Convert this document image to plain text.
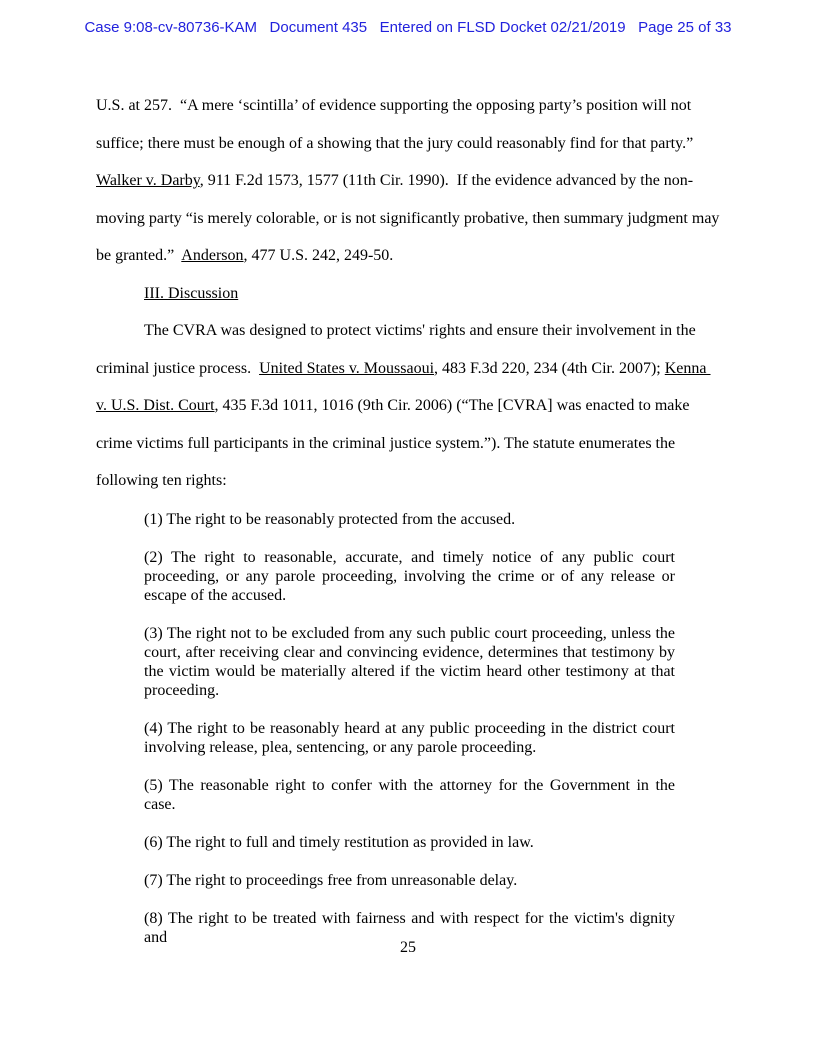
Case 9:08-cv-80736-KAM   Document 435   Entered on FLSD Docket 02/21/2019   Page 25 of 33

U.S. at 257.  “A mere ‘scintilla’ of evidence supporting the opposing party’s position will not suffice; there must be enough of a showing that the jury could reasonably find for that party.”  Walker v. Darby, 911 F.2d 1573, 1577 (11th Cir. 1990).  If the evidence advanced by the non-moving party “is merely colorable, or is not significantly probative, then summary judgment may be granted.”  Anderson, 477 U.S. 242, 249-50.

III. Discussion

The CVRA was designed to protect victims' rights and ensure their involvement in the criminal justice process.  United States v. Moussaoui, 483 F.3d 220, 234 (4th Cir. 2007); Kenna v. U.S. Dist. Court, 435 F.3d 1011, 1016 (9th Cir. 2006) (“The [CVRA] was enacted to make crime victims full participants in the criminal justice system.”). The statute enumerates the following ten rights:

(1) The right to be reasonably protected from the accused.

(2) The right to reasonable, accurate, and timely notice of any public court proceeding, or any parole proceeding, involving the crime or of any release or escape of the accused.

(3) The right not to be excluded from any such public court proceeding, unless the court, after receiving clear and convincing evidence, determines that testimony by the victim would be materially altered if the victim heard other testimony at that proceeding.

(4) The right to be reasonably heard at any public proceeding in the district court involving release, plea, sentencing, or any parole proceeding.

(5) The reasonable right to confer with the attorney for the Government in the case.

(6) The right to full and timely restitution as provided in law.

(7) The right to proceedings free from unreasonable delay.

(8) The right to be treated with fairness and with respect for the victim's dignity and

25
